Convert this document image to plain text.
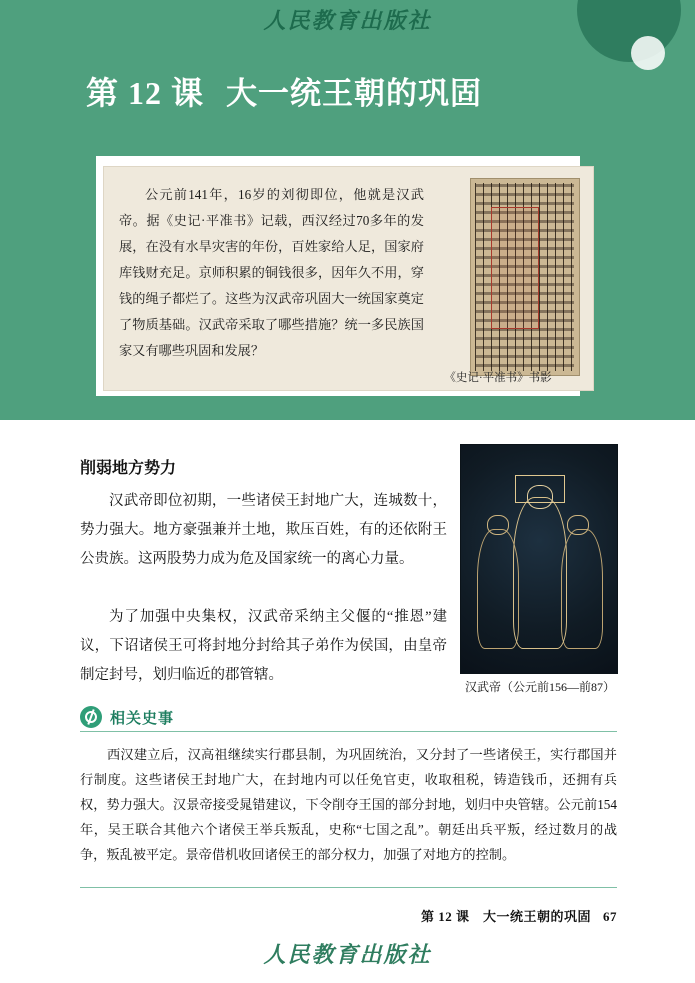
人民教育出版社
人民教育出版社
第 12 课 大一统王朝的巩固
公元前141年，16岁的刘彻即位，他就是汉武帝。据《史记·平准书》记载，西汉经过70多年的发展，在没有水旱灾害的年份，百姓家给人足，国家府库钱财充足。京师积累的铜钱很多，因年久不用，穿钱的绳子都烂了。这些为汉武帝巩固大一统国家奠定了物质基础。汉武帝采取了哪些措施？统一多民族国家又有哪些巩固和发展？
《史记·平准书》书影
削弱地方势力
汉武帝即位初期，一些诸侯王封地广大，连城数十，势力强大。地方豪强兼并土地，欺压百姓，有的还依附王公贵族。这两股势力成为危及国家统一的离心力量。
为了加强中央集权，汉武帝采纳主父偃的“推恩”建议，下诏诸侯王可将封地分封给其子弟作为侯国，由皇帝制定封号，划归临近的郡管辖。
汉武帝（公元前156—前87）
相关史事
西汉建立后，汉高祖继续实行郡县制，为巩固统治，又分封了一些诸侯王，实行郡国并行制度。这些诸侯王封地广大，在封地内可以任免官吏，收取租税，铸造钱币，还拥有兵权，势力强大。汉景帝接受晁错建议，下令削夺王国的部分封地，划归中央管辖。公元前154年，吴王联合其他六个诸侯王举兵叛乱，史称“七国之乱”。朝廷出兵平叛，经过数月的战争，叛乱被平定。景帝借机收回诸侯王的部分权力，加强了对地方的控制。
第 12 课　大一统王朝的巩固 67
